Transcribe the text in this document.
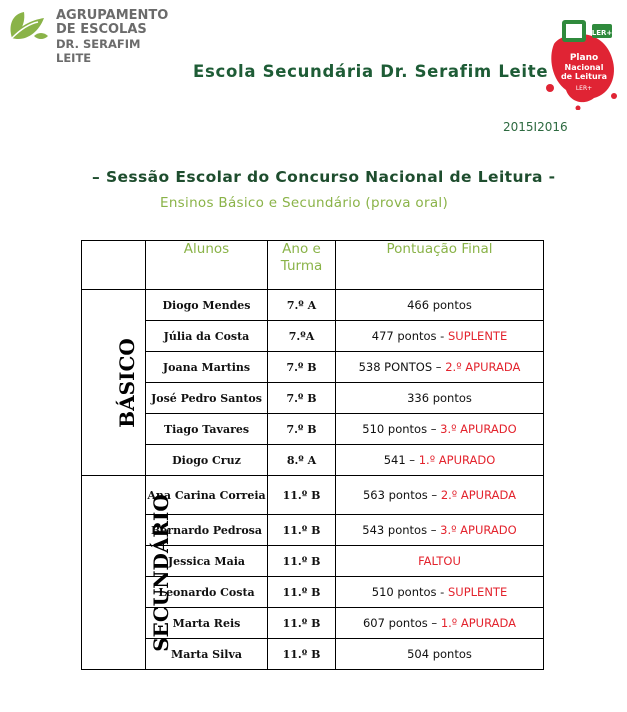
AGRUPAMENTO
DE ESCOLAS
DR. SERAFIM LEITE
Escola Secundária Dr. Serafim Leite
LER+
Plano
Nacional
de Leitura
LER+
2015I2016
– Sessão Escolar do Concurso Nacional de Leitura -
Ensinos Básico e Secundário (prova oral)
	Alunos	Ano e Turma	Pontuação Final
BÁSICO	Diogo Mendes	7.º A	466 pontos
	Júlia da Costa	7.ºA	477 pontos - SUPLENTE
	Joana Martins	7.º B	538 PONTOS – 2.º APURADA
	José Pedro Santos	7.º B	336 pontos
	Tiago Tavares	7.º B	510 pontos – 3.º APURADO
	Diogo Cruz	8.º A	541 – 1.º APURADO
SECUNDÁRIO	Ana Carina Correia	11.º B	563 pontos – 2.º APURADA
	Bernardo Pedrosa	11.º B	543 pontos – 3.º APURADO
	Jessica Maia	11.º B	FALTOU
	Leonardo Costa	11.º B	510 pontos - SUPLENTE
	Marta Reis	11.º B	607 pontos – 1.º APURADA
	Marta Silva	11.º B	504 pontos
